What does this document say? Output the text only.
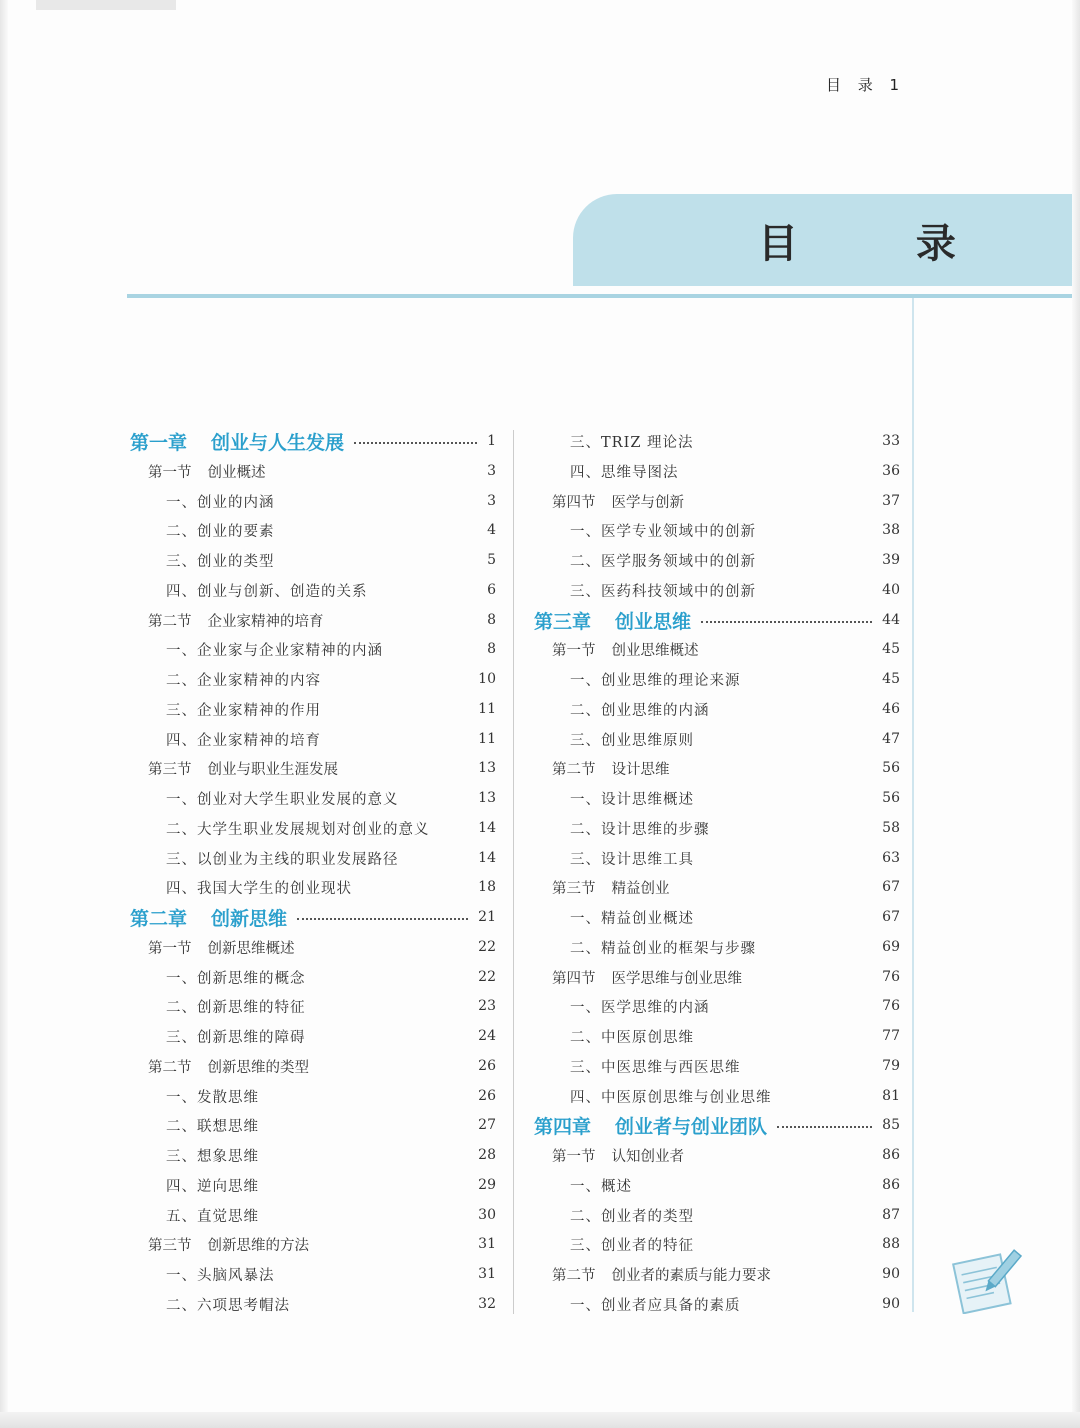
目 录 1
目 录
第一章 创业与人生发展	1
第一节 创业概述	3
一、创业的内涵	3
二、创业的要素	4
三、创业的类型	5
四、创业与创新、创造的关系	6
第二节 企业家精神的培育	8
一、企业家与企业家精神的内涵	8
二、企业家精神的内容	10
三、企业家精神的作用	11
四、企业家精神的培育	11
第三节 创业与职业生涯发展	13
一、创业对大学生职业发展的意义	13
二、大学生职业发展规划对创业的意义	14
三、以创业为主线的职业发展路径	14
四、我国大学生的创业现状	18
第二章 创新思维	21
第一节 创新思维概述	22
一、创新思维的概念	22
二、创新思维的特征	23
三、创新思维的障碍	24
第二节 创新思维的类型	26
一、发散思维	26
二、联想思维	27
三、想象思维	28
四、逆向思维	29
五、直觉思维	30
第三节 创新思维的方法	31
一、头脑风暴法	31
二、六项思考帽法	32
三、TRIZ 理论法	33
四、思维导图法	36
第四节 医学与创新	37
一、医学专业领域中的创新	38
二、医学服务领域中的创新	39
三、医药科技领域中的创新	40
第三章 创业思维	44
第一节 创业思维概述	45
一、创业思维的理论来源	45
二、创业思维的内涵	46
三、创业思维原则	47
第二节 设计思维	56
一、设计思维概述	56
二、设计思维的步骤	58
三、设计思维工具	63
第三节 精益创业	67
一、精益创业概述	67
二、精益创业的框架与步骤	69
第四节 医学思维与创业思维	76
一、医学思维的内涵	76
二、中医原创思维	77
三、中医思维与西医思维	79
四、中医原创思维与创业思维	81
第四章 创业者与创业团队	85
第一节 认知创业者	86
一、概述	86
二、创业者的类型	87
三、创业者的特征	88
第二节 创业者的素质与能力要求	90
一、创业者应具备的素质	90
